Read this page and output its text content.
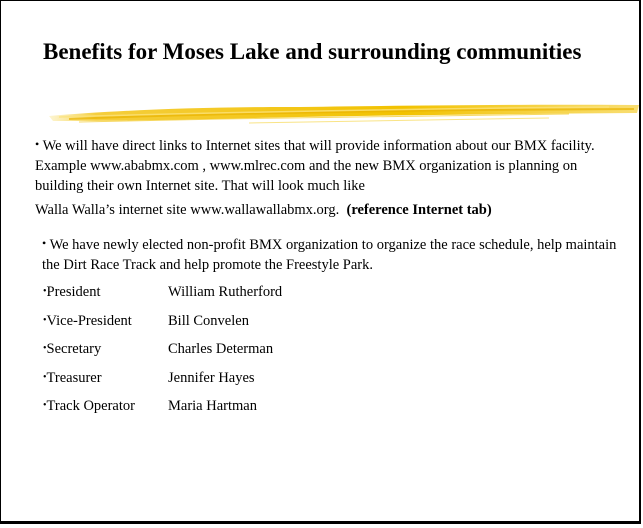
Benefits for Moses Lake and surrounding communities

• We will have direct links to Internet sites that will provide information about our BMX facility. Example www.ababmx.com , www.mlrec.com and the new BMX organization is planning on building their own Internet site. That will look much like Walla Walla’s internet site www.wallawallabmx.org. (reference Internet tab)

• We have newly elected non-profit BMX organization to organize the race schedule, help maintain the Dirt Race Track and help promote the Freestyle Park.

•President	William Rutherford
•Vice-President	Bill Convelen
•Secretary	Charles Determan
•Treasurer	Jennifer Hayes
•Track Operator	Maria Hartman
